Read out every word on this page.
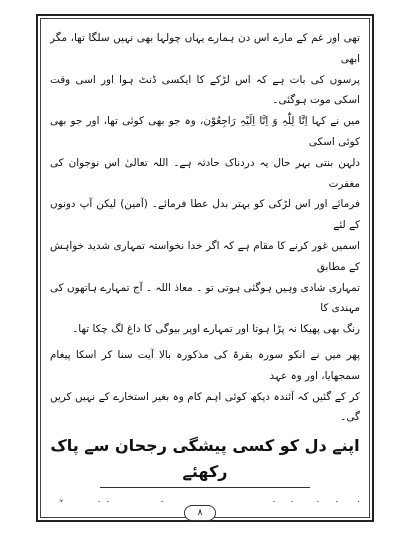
تھی اور غم کے مارے اس دن ہمارے یہاں چولہا بھی نہیں سلگا تھا، مگر ابھی
پرسوں کی بات ہے کہ اس لڑکے کا ایکسی ڈنٹ ہوا اور اسی وقت اسکی موت ہوگئی۔
میں نے کہا اِنَّا لِلّٰہِ وَ اِنَّا اِلَیْہِ رَاجِعُوْن، وہ جو بھی کوئی تھا، اور جو بھی کوئی اسکی
دلہن بنتی بہر حال یہ دردناک حادثہ ہے۔ اللہ تعالیٰ اس نوجوان کی مغفرت
فرمائے اور اس لڑکی کو بہتر بدل عطا فرمائے۔ (آمین) لیکن آپ دونوں کے لئے
اسمیں غور کرنے کا مقام ہے کہ اگر خدا نخواستہ تمہاری شدید خواہش کے مطابق
تمہاری شادی وہیں ہوگئی ہوتی تو ۔ معاذ اللہ ۔ آج تمہارے ہاتھوں کی مہندی کا
رنگ بھی پھیکا نہ پڑا ہوتا اور تمہارے اوپر بیوگی کا داغ لگ چکا تھا۔

پھر میں نے انکو سورہ بقرۃ کی مذکورہ بالا آیت سنا کر اسکا پیغام سمجھایا، اور وہ عہد
کر کے گئیں کہ آئندہ دیکھ کوئی اہم کام وہ بغیر استخارے کے نہیں کریں گی۔

اپنے دل کو کسی پیشگی رجحان سے پاک رکھئے

۸
